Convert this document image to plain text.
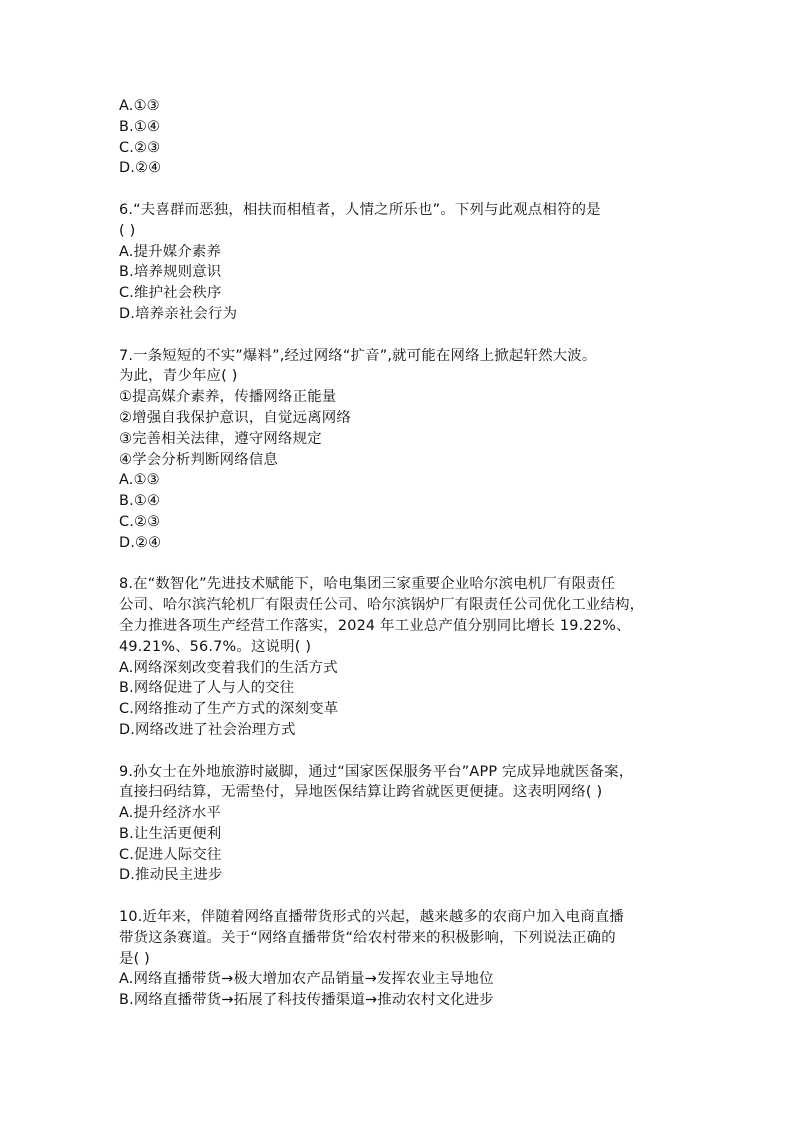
A.①③
B.①④
C.②③
D.②④
6.“夫喜群而恶独，相扶而相植者，人情之所乐也”。下列与此观点相符的是
( )
A.提升媒介素养
B.培养规则意识
C.维护社会秩序
D.培养亲社会行为
7.一条短短的不实”爆料”,经过网络“扩音”,就可能在网络上掀起轩然大波。
为此，青少年应( )
①提高媒介素养，传播网络正能量
②增强自我保护意识，自觉远离网络
③完善相关法律，遵守网络规定
④学会分析判断网络信息
A.①③
B.①④
C.②③
D.②④
8.在“数智化”先进技术赋能下，哈电集团三家重要企业哈尔滨电机厂有限责任
公司、哈尔滨汽轮机厂有限责任公司、哈尔滨锅炉厂有限责任公司优化工业结构，
全力推进各项生产经营工作落实，2024 年工业总产值分别同比增长 19.22%、
49.21%、56.7%。这说明( )
A.网络深刻改变着我们的生活方式
B.网络促进了人与人的交往
C.网络推动了生产方式的深刻变革
D.网络改进了社会治理方式
9.孙女士在外地旅游时崴脚，通过“国家医保服务平台”APP 完成异地就医备案，
直接扫码结算，无需垫付，异地医保结算让跨省就医更便捷。这表明网络( )
A.提升经济水平
B.让生活更便利
C.促进人际交往
D.推动民主进步
10.近年来，伴随着网络直播带货形式的兴起，越来越多的农商户加入电商直播
带货这条赛道。关于“网络直播带货“给农村带来的积极影响，下列说法正确的
是( )
A.网络直播带货→极大增加农产品销量→发挥农业主导地位
B.网络直播带货→拓展了科技传播渠道→推动农村文化进步
